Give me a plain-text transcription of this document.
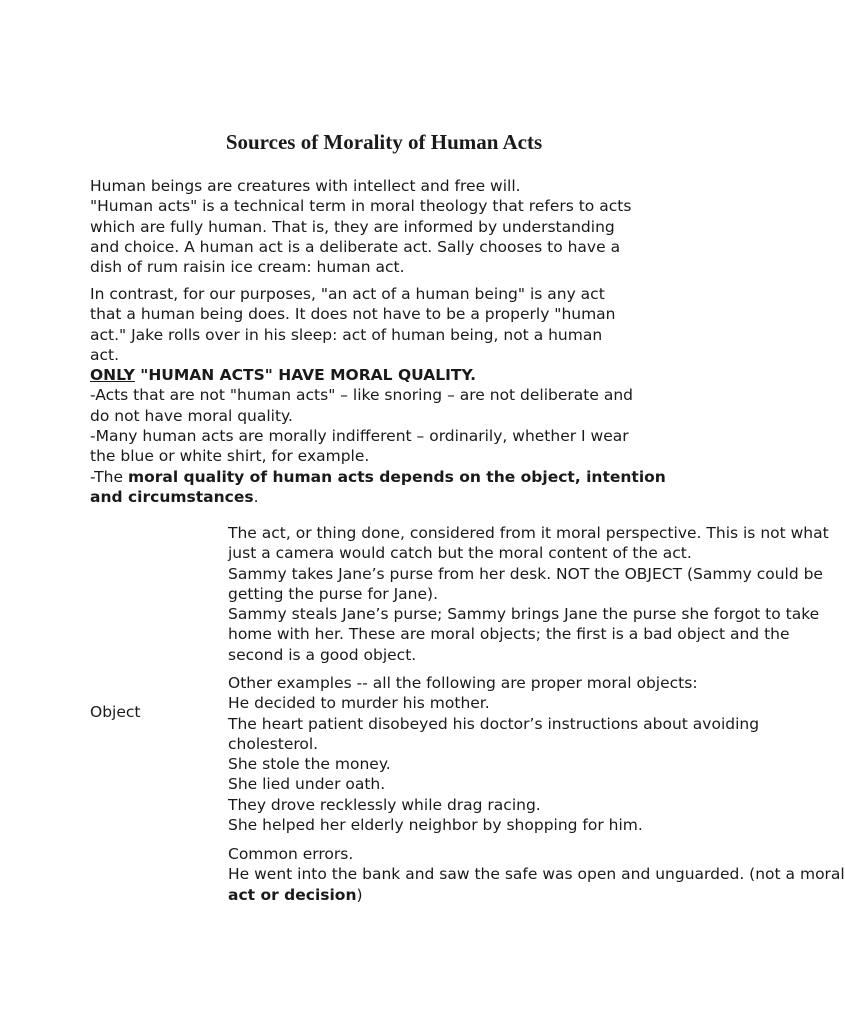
Sources of Morality of Human Acts
Human beings are creatures with intellect and free will.
"Human acts" is a technical term in moral theology that refers to acts
which are fully human. That is, they are informed by understanding
and choice. A human act is a deliberate act. Sally chooses to have a
dish of rum raisin ice cream: human act.
In contrast, for our purposes, "an act of a human being" is any act
that a human being does. It does not have to be a properly "human
act." Jake rolls over in his sleep: act of human being, not a human
act.
ONLY "HUMAN ACTS" HAVE MORAL QUALITY.
-Acts that are not "human acts" – like snoring – are not deliberate and
do not have moral quality.
-Many human acts are morally indifferent – ordinarily, whether I wear
the blue or white shirt, for example.
-The moral quality of human acts depends on the object, intention
and circumstances.
Object
The act, or thing done, considered from it moral perspective. This is not what
just a camera would catch but the moral content of the act.
Sammy takes Jane’s purse from her desk. NOT the OBJECT (Sammy could be
getting the purse for Jane).
Sammy steals Jane’s purse; Sammy brings Jane the purse she forgot to take
home with her. These are moral objects; the first is a bad object and the
second is a good object.
Other examples -- all the following are proper moral objects:
He decided to murder his mother.
The heart patient disobeyed his doctor’s instructions about avoiding
cholesterol.
She stole the money.
She lied under oath.
They drove recklessly while drag racing.
She helped her elderly neighbor by shopping for him.
Common errors.
He went into the bank and saw the safe was open and unguarded. (not a moral
act or decision)
